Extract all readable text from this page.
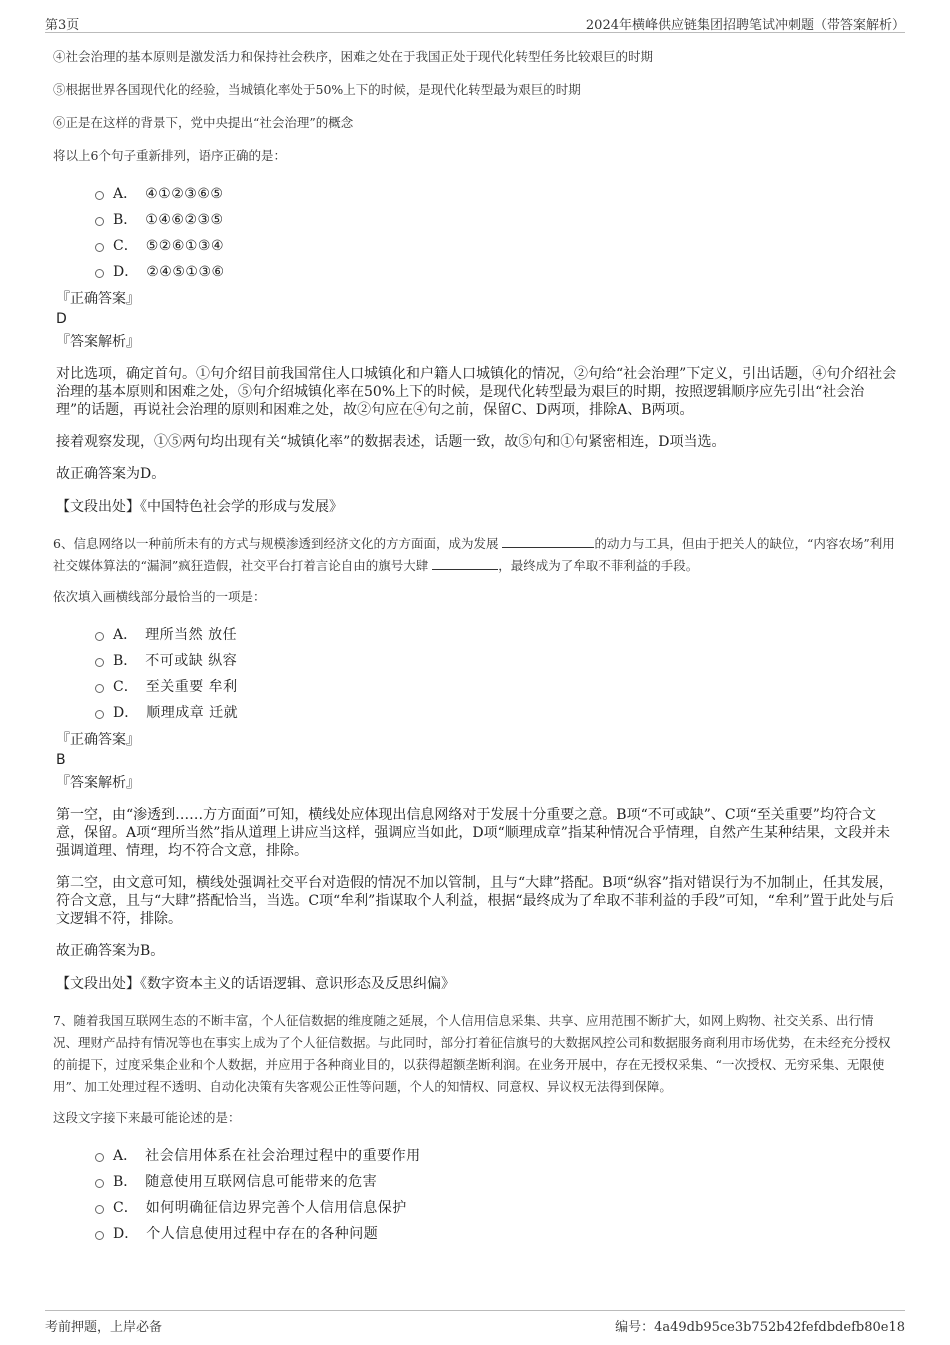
第3页	2024年横峰供应链集团招聘笔试冲刺题（带答案解析）

④社会治理的基本原则是激发活力和保持社会秩序，困难之处在于我国正处于现代化转型任务比较艰巨的时期

⑤根据世界各国现代化的经验，当城镇化率处于50%上下的时候，是现代化转型最为艰巨的时期

⑥正是在这样的背景下，党中央提出“社会治理”的概念

将以上6个句子重新排列，语序正确的是：

A． ④①②③⑥⑤
B． ①④⑥②③⑤
C． ⑤②⑥①③④
D． ②④⑤①③⑥
『正确答案』
D
『答案解析』

对比选项，确定首句。①句介绍目前我国常住人口城镇化和户籍人口城镇化的情况，②句给“社会治理”下定义，引出话题，④句介绍社会治理的基本原则和困难之处，⑤句介绍城镇化率在50%上下的时候，是现代化转型最为艰巨的时期，按照逻辑顺序应先引出“社会治理”的话题，再说社会治理的原则和困难之处，故②句应在④句之前，保留C、D两项，排除A、B两项。

接着观察发现，①⑤两句均出现有关“城镇化率”的数据表述，话题一致，故⑤句和①句紧密相连，D项当选。

故正确答案为D。

【文段出处】《中国特色社会学的形成与发展》

6、信息网络以一种前所未有的方式与规模渗透到经济文化的方方面面，成为发展	的动力与工具，但由于把关人的缺位，“内容农场”利用社交媒体算法的“漏洞”疯狂造假，社交平台打着言论自由的旗号大肆	，最终成为了牟取不菲利益的手段。

依次填入画横线部分最恰当的一项是：

A． 理所当然 放任
B． 不可或缺 纵容
C． 至关重要 牟利
D． 顺理成章 迁就
『正确答案』
B
『答案解析』

第一空，由“渗透到……方方面面”可知，横线处应体现出信息网络对于发展十分重要之意。B项“不可或缺”、C项“至关重要”均符合文意，保留。A项“理所当然”指从道理上讲应当这样，强调应当如此，D项“顺理成章”指某种情况合乎情理，自然产生某种结果，文段并未强调道理、情理，均不符合文意，排除。

第二空，由文意可知，横线处强调社交平台对造假的情况不加以管制，且与“大肆”搭配。B项“纵容”指对错误行为不加制止，任其发展，符合文意，且与“大肆”搭配恰当，当选。C项“牟利”指谋取个人利益，根据“最终成为了牟取不菲利益的手段”可知，“牟利”置于此处与后文逻辑不符，排除。

故正确答案为B。

【文段出处】《数字资本主义的话语逻辑、意识形态及反思纠偏》

7、随着我国互联网生态的不断丰富，个人征信数据的维度随之延展，个人信用信息采集、共享、应用范围不断扩大，如网上购物、社交关系、出行情况、理财产品持有情况等也在事实上成为了个人征信数据。与此同时，部分打着征信旗号的大数据风控公司和数据服务商利用市场优势，在未经充分授权的前提下，过度采集企业和个人数据，并应用于各种商业目的，以获得超额垄断利润。在业务开展中，存在无授权采集、“一次授权、无穷采集、无限使用”、加工处理过程不透明、自动化决策有失客观公正性等问题，个人的知情权、同意权、异议权无法得到保障。

这段文字接下来最可能论述的是：

A． 社会信用体系在社会治理过程中的重要作用
B． 随意使用互联网信息可能带来的危害
C． 如何明确征信边界完善个人信用信息保护
D． 个人信息使用过程中存在的各种问题
考前押题，上岸必备	编号：4a49db95ce3b752b42fefdbdefb80e18
